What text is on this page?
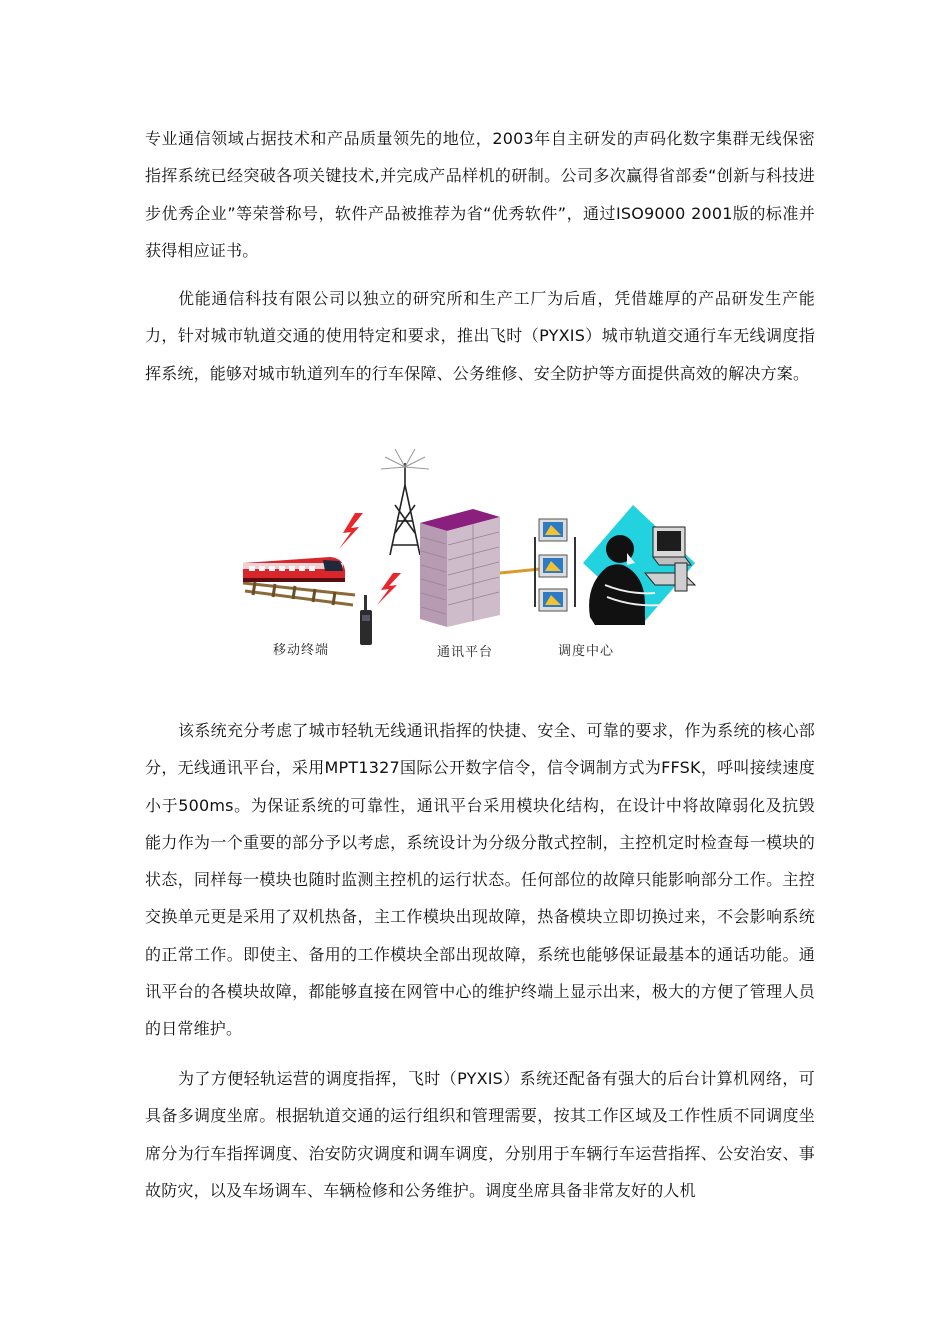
专业通信领域占据技术和产品质量领先的地位，2003年自主研发的声码化数字集群无线保密指挥系统已经突破各项关键技术,并完成产品样机的研制。公司多次赢得省部委“创新与科技进步优秀企业”等荣誉称号，软件产品被推荐为省“优秀软件”，通过ISO9000 2001版的标准并获得相应证书。

优能通信科技有限公司以独立的研究所和生产工厂为后盾，凭借雄厚的产品研发生产能力，针对城市轨道交通的使用特定和要求，推出飞时（PYXIS）城市轨道交通行车无线调度指挥系统，能够对城市轨道列车的行车保障、公务维修、安全防护等方面提供高效的解决方案。

移动终端	通讯平台	调度中心

该系统充分考虑了城市轻轨无线通讯指挥的快捷、安全、可靠的要求，作为系统的核心部分，无线通讯平台，采用MPT1327国际公开数字信令，信令调制方式为FFSK，呼叫接续速度小于500ms。为保证系统的可靠性，通讯平台采用模块化结构，在设计中将故障弱化及抗毁能力作为一个重要的部分予以考虑，系统设计为分级分散式控制，主控机定时检查每一模块的状态，同样每一模块也随时监测主控机的运行状态。任何部位的故障只能影响部分工作。主控交换单元更是采用了双机热备，主工作模块出现故障，热备模块立即切换过来，不会影响系统的正常工作。即使主、备用的工作模块全部出现故障，系统也能够保证最基本的通话功能。通讯平台的各模块故障，都能够直接在网管中心的维护终端上显示出来，极大的方便了管理人员的日常维护。

为了方便轻轨运营的调度指挥，飞时（PYXIS）系统还配备有强大的后台计算机网络，可具备多调度坐席。根据轨道交通的运行组织和管理需要，按其工作区域及工作性质不同调度坐席分为行车指挥调度、治安防灾调度和调车调度，分别用于车辆行车运营指挥、公安治安、事故防灾，以及车场调车、车辆检修和公务维护。调度坐席具备非常友好的人机
